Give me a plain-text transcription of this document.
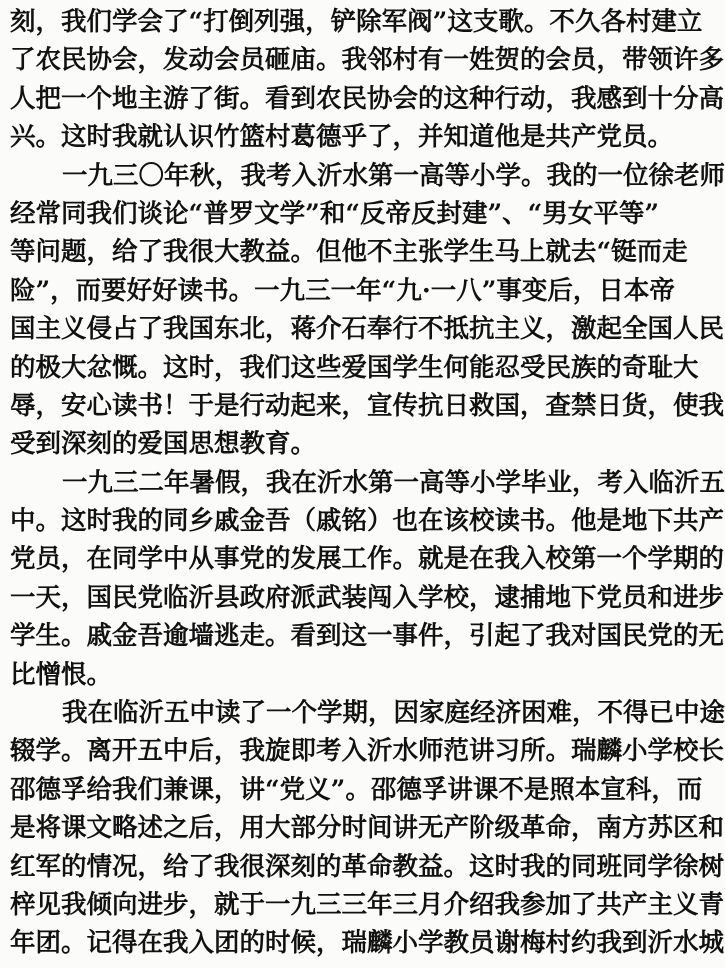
刻，我们学会了“打倒列强，铲除军阀”这支歌。不久各村建立
了农民协会，发动会员砸庙。我邻村有一姓贺的会员，带领许多
人把一个地主游了街。看到农民协会的这种行动，我感到十分高
兴。这时我就认识竹篮村葛德乎了，并知道他是共产党员。
一九三〇年秋，我考入沂水第一高等小学。我的一位徐老师
经常同我们谈论“普罗文学”和“反帝反封建”、“男女平等”
等问题，给了我很大教益。但他不主张学生马上就去“铤而走
险”，而要好好读书。一九三一年“九·一八”事变后，日本帝
国主义侵占了我国东北，蒋介石奉行不抵抗主义，激起全国人民
的极大忿慨。这时，我们这些爱国学生何能忍受民族的奇耻大
辱，安心读书！于是行动起来，宣传抗日救国，查禁日货，使我
受到深刻的爱国思想教育。
一九三二年暑假，我在沂水第一高等小学毕业，考入临沂五
中。这时我的同乡戚金吾（戚铭）也在该校读书。他是地下共产
党员，在同学中从事党的发展工作。就是在我入校第一个学期的
一天，国民党临沂县政府派武装闯入学校，逮捕地下党员和进步
学生。戚金吾逾墙逃走。看到这一事件，引起了我对国民党的无
比憎恨。
我在临沂五中读了一个学期，因家庭经济困难，不得已中途
辍学。离开五中后，我旋即考入沂水师范讲习所。瑞麟小学校长
邵德孚给我们兼课，讲“党义”。邵德孚讲课不是照本宣科，而
是将课文略述之后，用大部分时间讲无产阶级革命，南方苏区和
红军的情况，给了我很深刻的革命教益。这时我的同班同学徐树
梓见我倾向进步，就于一九三三年三月介绍我参加了共产主义青
年团。记得在我入团的时候，瑞麟小学教员谢梅村约我到沂水城
